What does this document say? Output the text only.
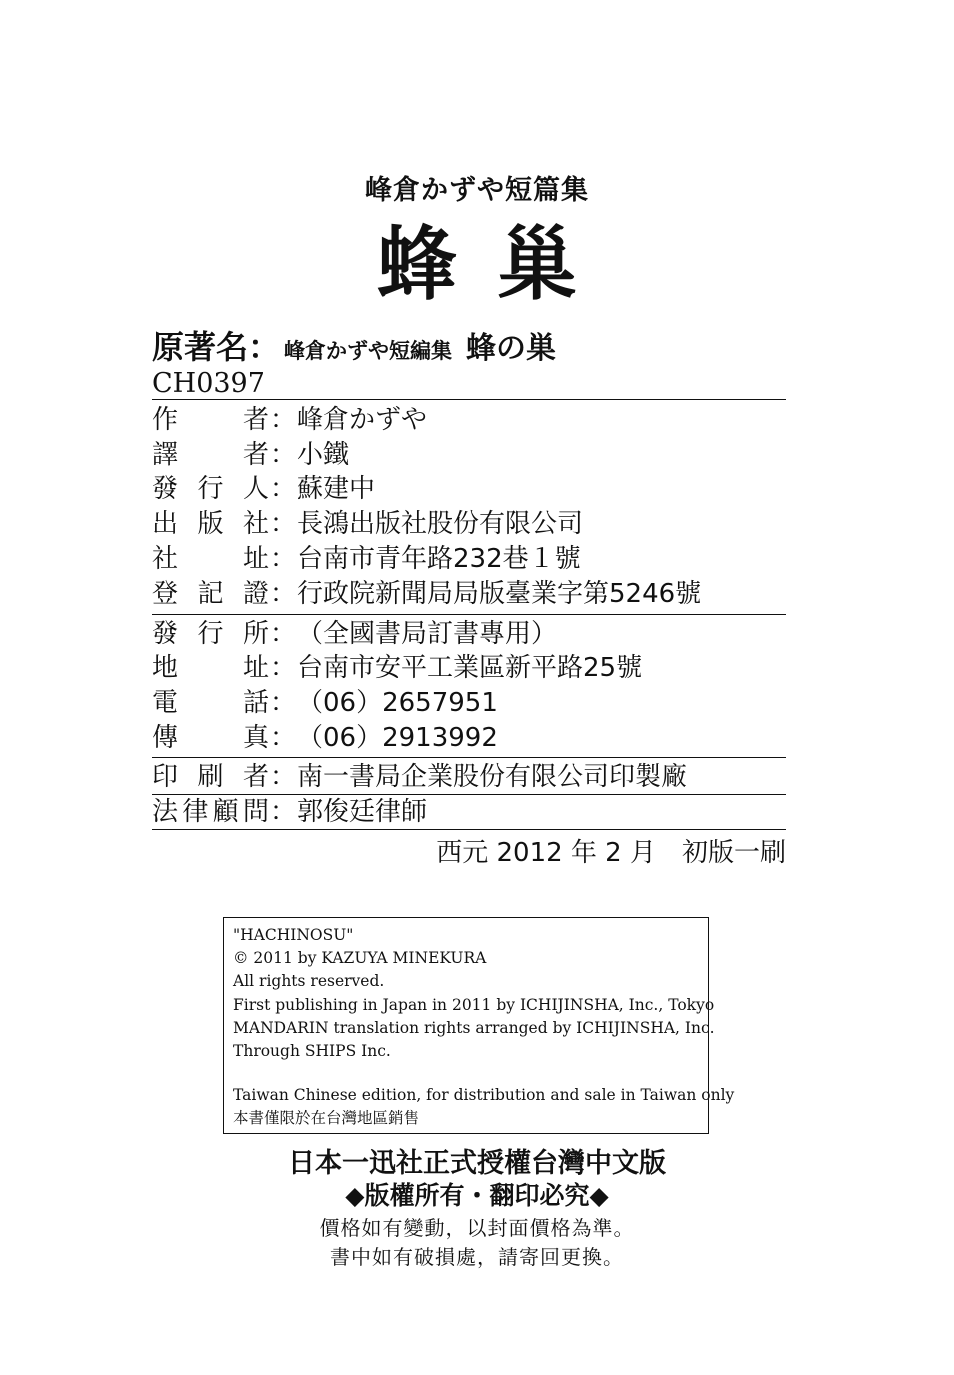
峰倉かずや短篇集
蜂巢
原著名： 峰倉かずや短編集 蜂の巣
CH0397
作者：峰倉かずや
譯者：小鐵
發行人：蘇建中
出版社：長鴻出版社股份有限公司
社址：台南市青年路232巷１號
登記證：行政院新聞局局版臺業字第5246號
發行所：（全國書局訂書專用）
地址：台南市安平工業區新平路25號
電話：（06）2657951
傳真：（06）2913992
印刷者：南一書局企業股份有限公司印製廠
法律顧問：郭俊廷律師
西元 2012 年 2 月　初版一刷
"HACHINOSU"
© 2011 by KAZUYA MINEKURA
All rights reserved.
First publishing in Japan in 2011 by ICHIJINSHA, Inc., Tokyo
MANDARIN translation rights arranged by ICHIJINSHA, Inc.
Through SHIPS Inc.
Taiwan Chinese edition, for distribution and sale in Taiwan only
本書僅限於在台灣地區銷售
日本一迅社正式授權台灣中文版
◆版權所有・翻印必究◆
價格如有變動，以封面價格為準。
書中如有破損處，請寄回更換。
